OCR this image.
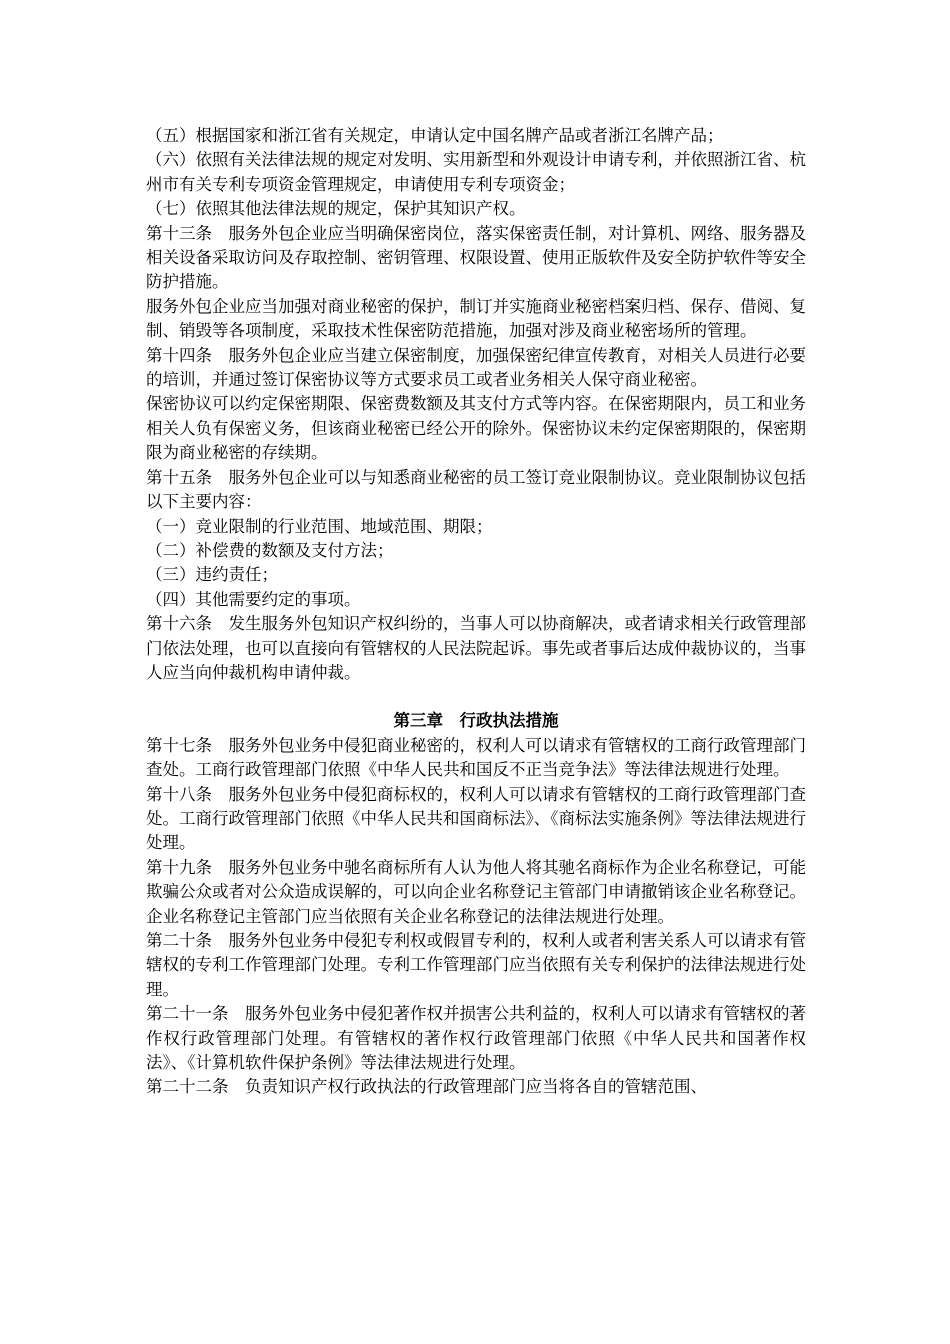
（五）根据国家和浙江省有关规定，申请认定中国名牌产品或者浙江名牌产品；

（六）依照有关法律法规的规定对发明、实用新型和外观设计申请专利，并依照浙江省、杭州市有关专利专项资金管理规定，申请使用专利专项资金；

（七）依照其他法律法规的规定，保护其知识产权。

第十三条　服务外包企业应当明确保密岗位，落实保密责任制，对计算机、网络、服务器及相关设备采取访问及存取控制、密钥管理、权限设置、使用正版软件及安全防护软件等安全防护措施。

服务外包企业应当加强对商业秘密的保护，制订并实施商业秘密档案归档、保存、借阅、复制、销毁等各项制度，采取技术性保密防范措施，加强对涉及商业秘密场所的管理。

第十四条　服务外包企业应当建立保密制度，加强保密纪律宣传教育，对相关人员进行必要的培训，并通过签订保密协议等方式要求员工或者业务相关人保守商业秘密。

保密协议可以约定保密期限、保密费数额及其支付方式等内容。在保密期限内，员工和业务相关人负有保密义务，但该商业秘密已经公开的除外。保密协议未约定保密期限的，保密期限为商业秘密的存续期。

第十五条　服务外包企业可以与知悉商业秘密的员工签订竞业限制协议。竞业限制协议包括以下主要内容：

（一）竞业限制的行业范围、地域范围、期限；

（二）补偿费的数额及支付方法；

（三）违约责任；

（四）其他需要约定的事项。

第十六条　发生服务外包知识产权纠纷的，当事人可以协商解决，或者请求相关行政管理部门依法处理，也可以直接向有管辖权的人民法院起诉。事先或者事后达成仲裁协议的，当事人应当向仲裁机构申请仲裁。

第三章　行政执法措施

第十七条　服务外包业务中侵犯商业秘密的，权利人可以请求有管辖权的工商行政管理部门查处。工商行政管理部门依照《中华人民共和国反不正当竞争法》等法律法规进行处理。

第十八条　服务外包业务中侵犯商标权的，权利人可以请求有管辖权的工商行政管理部门查处。工商行政管理部门依照《中华人民共和国商标法》、《商标法实施条例》等法律法规进行处理。

第十九条　服务外包业务中驰名商标所有人认为他人将其驰名商标作为企业名称登记，可能欺骗公众或者对公众造成误解的，可以向企业名称登记主管部门申请撤销该企业名称登记。企业名称登记主管部门应当依照有关企业名称登记的法律法规进行处理。

第二十条　服务外包业务中侵犯专利权或假冒专利的，权利人或者利害关系人可以请求有管辖权的专利工作管理部门处理。专利工作管理部门应当依照有关专利保护的法律法规进行处理。

第二十一条　服务外包业务中侵犯著作权并损害公共利益的，权利人可以请求有管辖权的著作权行政管理部门处理。有管辖权的著作权行政管理部门依照《中华人民共和国著作权法》、《计算机软件保护条例》等法律法规进行处理。

第二十二条　负责知识产权行政执法的行政管理部门应当将各自的管辖范围、
